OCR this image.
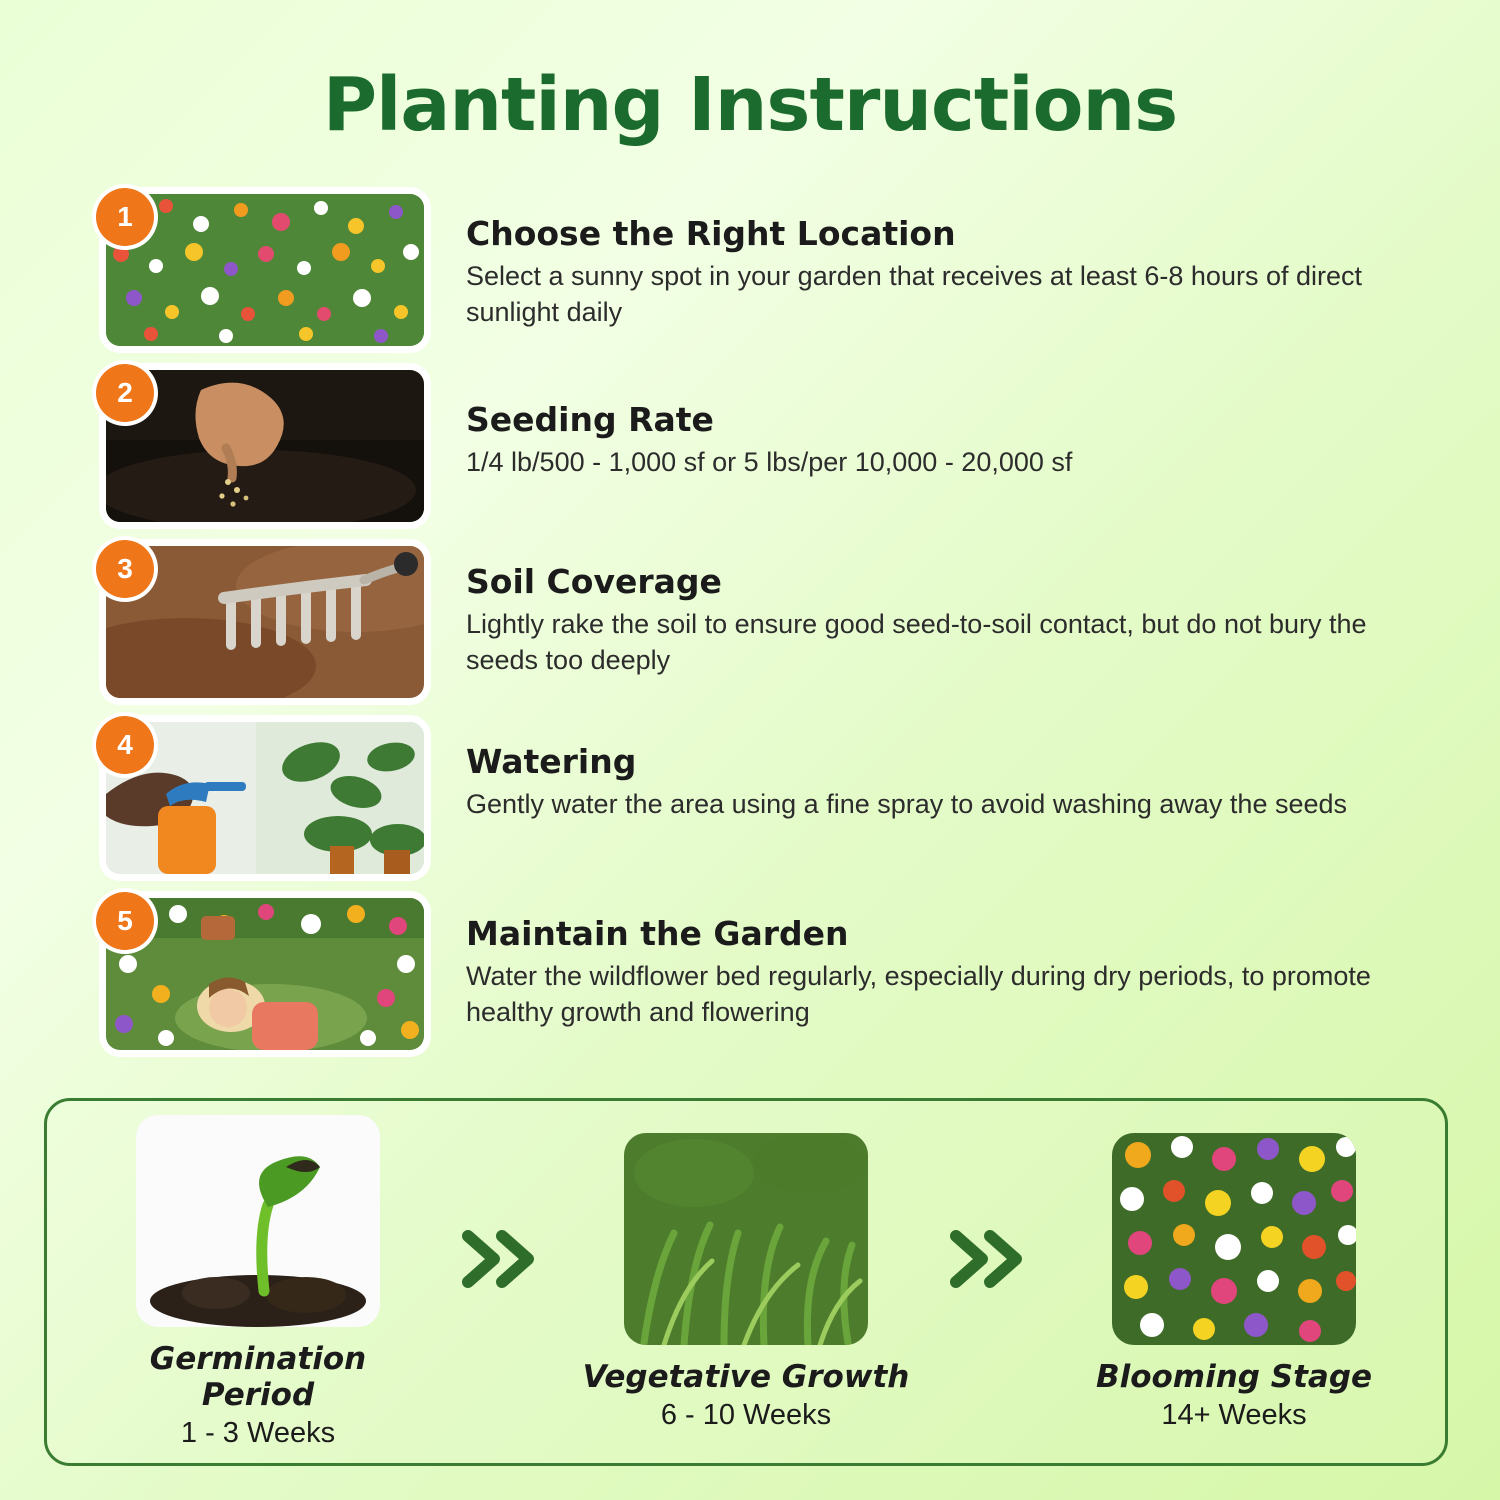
Planting Instructions
1	Choose the Right Location
Select a sunny spot in your garden that receives at least 6-8 hours of direct sunlight daily
2
Seeding Rate
1/4 lb/500 - 1,000 sf or 5 lbs/per 10,000 - 20,000 sf
3	Soil Coverage
Lightly rake the soil to ensure good seed-to-soil contact, but do not bury the seeds too deeply
4	Watering
Gently water the area using a fine spray to avoid washing away the seeds
5	Maintain the Garden
Water the wildflower bed regularly, especially during dry periods, to promote healthy growth and flowering
Germination Period
1 - 3 Weeks
Vegetative Growth
6 - 10 Weeks
Blooming Stage
14+ Weeks
